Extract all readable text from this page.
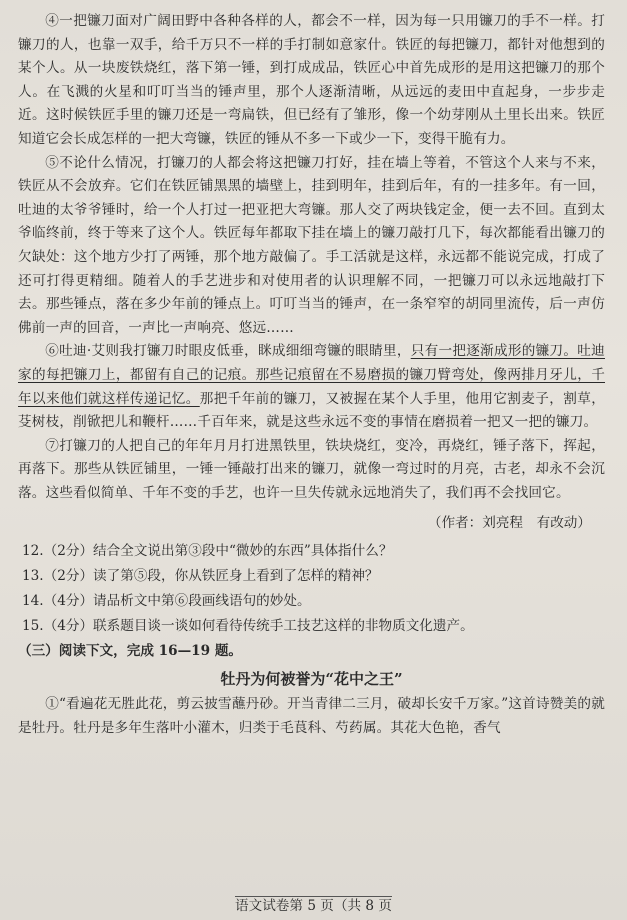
④一把镰刀面对广阔田野中各种各样的人，都会不一样，因为每一只用镰刀的手不一样。打镰刀的人，也靠一双手，给千万只不一样的手打制如意家什。铁匠的每把镰刀，都针对他想到的某个人。从一块废铁烧红，落下第一锤，到打成成品，铁匠心中首先成形的是用这把镰刀的那个人。在飞溅的火星和叮叮当当的锤声里，那个人逐渐清晰，从远远的麦田中直起身，一步步走近。这时候铁匠手里的镰刀还是一弯扁铁，但已经有了雏形，像一个幼芽刚从土里长出来。铁匠知道它会长成怎样的一把大弯镰，铁匠的锤从不多一下或少一下，变得干脆有力。

⑤不论什么情况，打镰刀的人都会将这把镰刀打好，挂在墙上等着，不管这个人来与不来，铁匠从不会放弃。它们在铁匠铺黑黑的墙壁上，挂到明年，挂到后年，有的一挂多年。有一回，吐迪的太爷爷锤时，给一个人打过一把亚把大弯镰。那人交了两块钱定金，便一去不回。直到太爷临终前，终于等来了这个人。铁匠每年都取下挂在墙上的镰刀敲打几下，每次都能看出镰刀的欠缺处：这个地方少打了两锤，那个地方敲偏了。手工活就是这样，永远都不能说完成，打成了还可打得更精细。随着人的手艺进步和对使用者的认识理解不同，一把镰刀可以永远地敲打下去。那些锤点，落在多少年前的锤点上。叮叮当当的锤声，在一条窄窄的胡同里流传，后一声仿佛前一声的回音，一声比一声响亮、悠远……

⑥吐迪·艾则我打镰刀时眼皮低垂，眯成细细弯镰的眼睛里，只有一把逐渐成形的镰刀。吐迪家的每把镰刀上，都留有自己的记痕。那些记痕留在不易磨损的镰刀臂弯处，像两排月牙儿，千年以来他们就这样传递记忆。那把千年前的镰刀，又被握在某个人手里，他用它割麦子，割草，芟树枝，削锨把儿和鞭杆……千百年来，就是这些永远不变的事情在磨损着一把又一把的镰刀。

⑦打镰刀的人把自己的年年月月打进黑铁里，铁块烧红，变冷，再烧红，锤子落下，挥起，再落下。那些从铁匠铺里，一锤一锤敲打出来的镰刀，就像一弯过时的月亮，古老，却永不会沉落。这些看似简单、千年不变的手艺，也许一旦失传就永远地消失了，我们再不会找回它。

（作者：刘亮程　有改动）

12.（2分）结合全文说出第③段中“微妙的东西”具体指什么？

13.（2分）读了第⑤段，你从铁匠身上看到了怎样的精神？

14.（4分）请品析文中第⑥段画线语句的妙处。

15.（4分）联系题目谈一谈如何看待传统手工技艺这样的非物质文化遗产。

（三）阅读下文，完成 16—19 题。

牡丹为何被誉为“花中之王”

①“看遍花无胜此花，剪云披雪蘸丹砂。开当青律二三月，破却长安千万家。”这首诗赞美的就是牡丹。牡丹是多年生落叶小灌木，归类于毛茛科、芍药属。其花大色艳，香气

语文试卷第 5 页（共 8 页
